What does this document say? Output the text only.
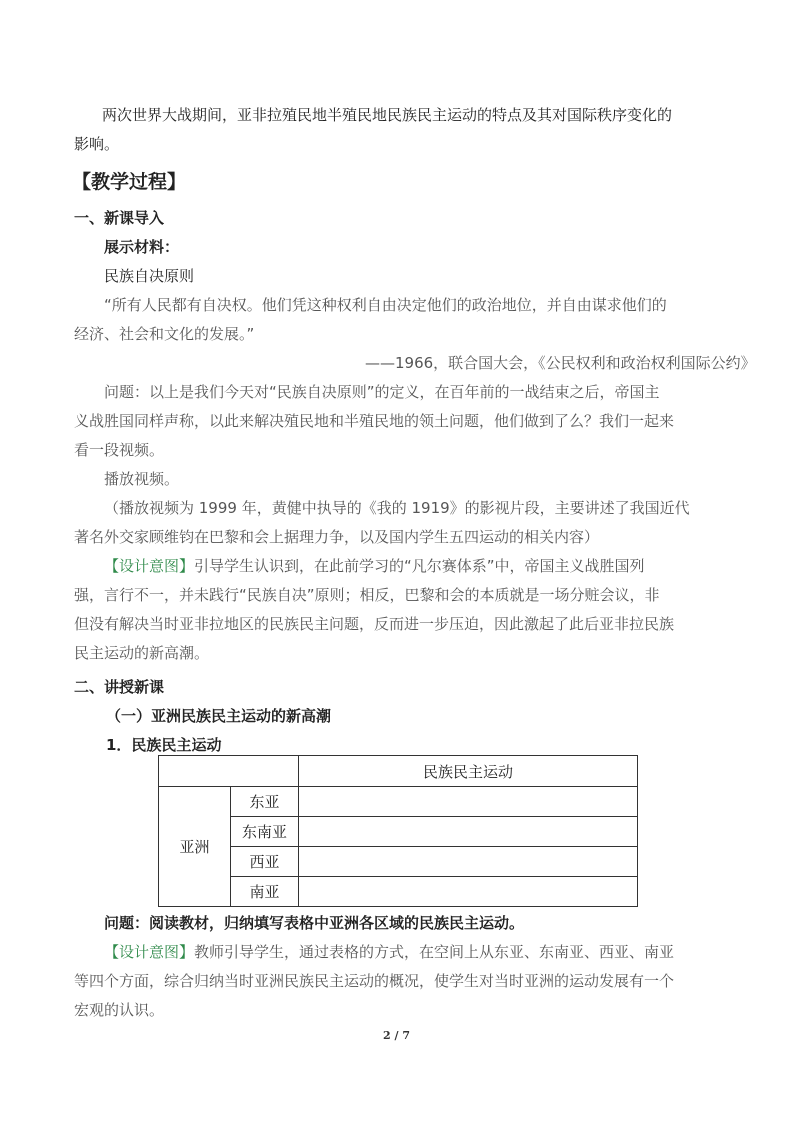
两次世界大战期间，亚非拉殖民地半殖民地民族民主运动的特点及其对国际秩序变化的
影响。
【教学过程】
一、新课导入
展示材料：
民族自决原则
“所有人民都有自决权。他们凭这种权利自由决定他们的政治地位，并自由谋求他们的
经济、社会和文化的发展。”
——1966，联合国大会，《公民权利和政治权利国际公约》
问题：以上是我们今天对“民族自决原则”的定义，在百年前的一战结束之后，帝国主
义战胜国同样声称，以此来解决殖民地和半殖民地的领土问题，他们做到了么？我们一起来
看一段视频。
播放视频。
（播放视频为 1999 年，黄健中执导的《我的 1919》的影视片段，主要讲述了我国近代
著名外交家顾维钧在巴黎和会上据理力争，以及国内学生五四运动的相关内容）
【设计意图】引导学生认识到，在此前学习的“凡尔赛体系”中，帝国主义战胜国列
强，言行不一，并未践行“民族自决”原则；相反，巴黎和会的本质就是一场分赃会议，非
但没有解决当时亚非拉地区的民族民主问题，反而进一步压迫，因此激起了此后亚非拉民族
民主运动的新高潮。
二、讲授新课
（一）亚洲民族民主运动的新高潮
1．民族民主运动
		民族民主运动
亚洲	东亚	
	东南亚	
	西亚	
	南亚	
问题：阅读教材，归纳填写表格中亚洲各区域的民族民主运动。
【设计意图】教师引导学生，通过表格的方式，在空间上从东亚、东南亚、西亚、南亚
等四个方面，综合归纳当时亚洲民族民主运动的概况，使学生对当时亚洲的运动发展有一个
宏观的认识。
2 / 7
